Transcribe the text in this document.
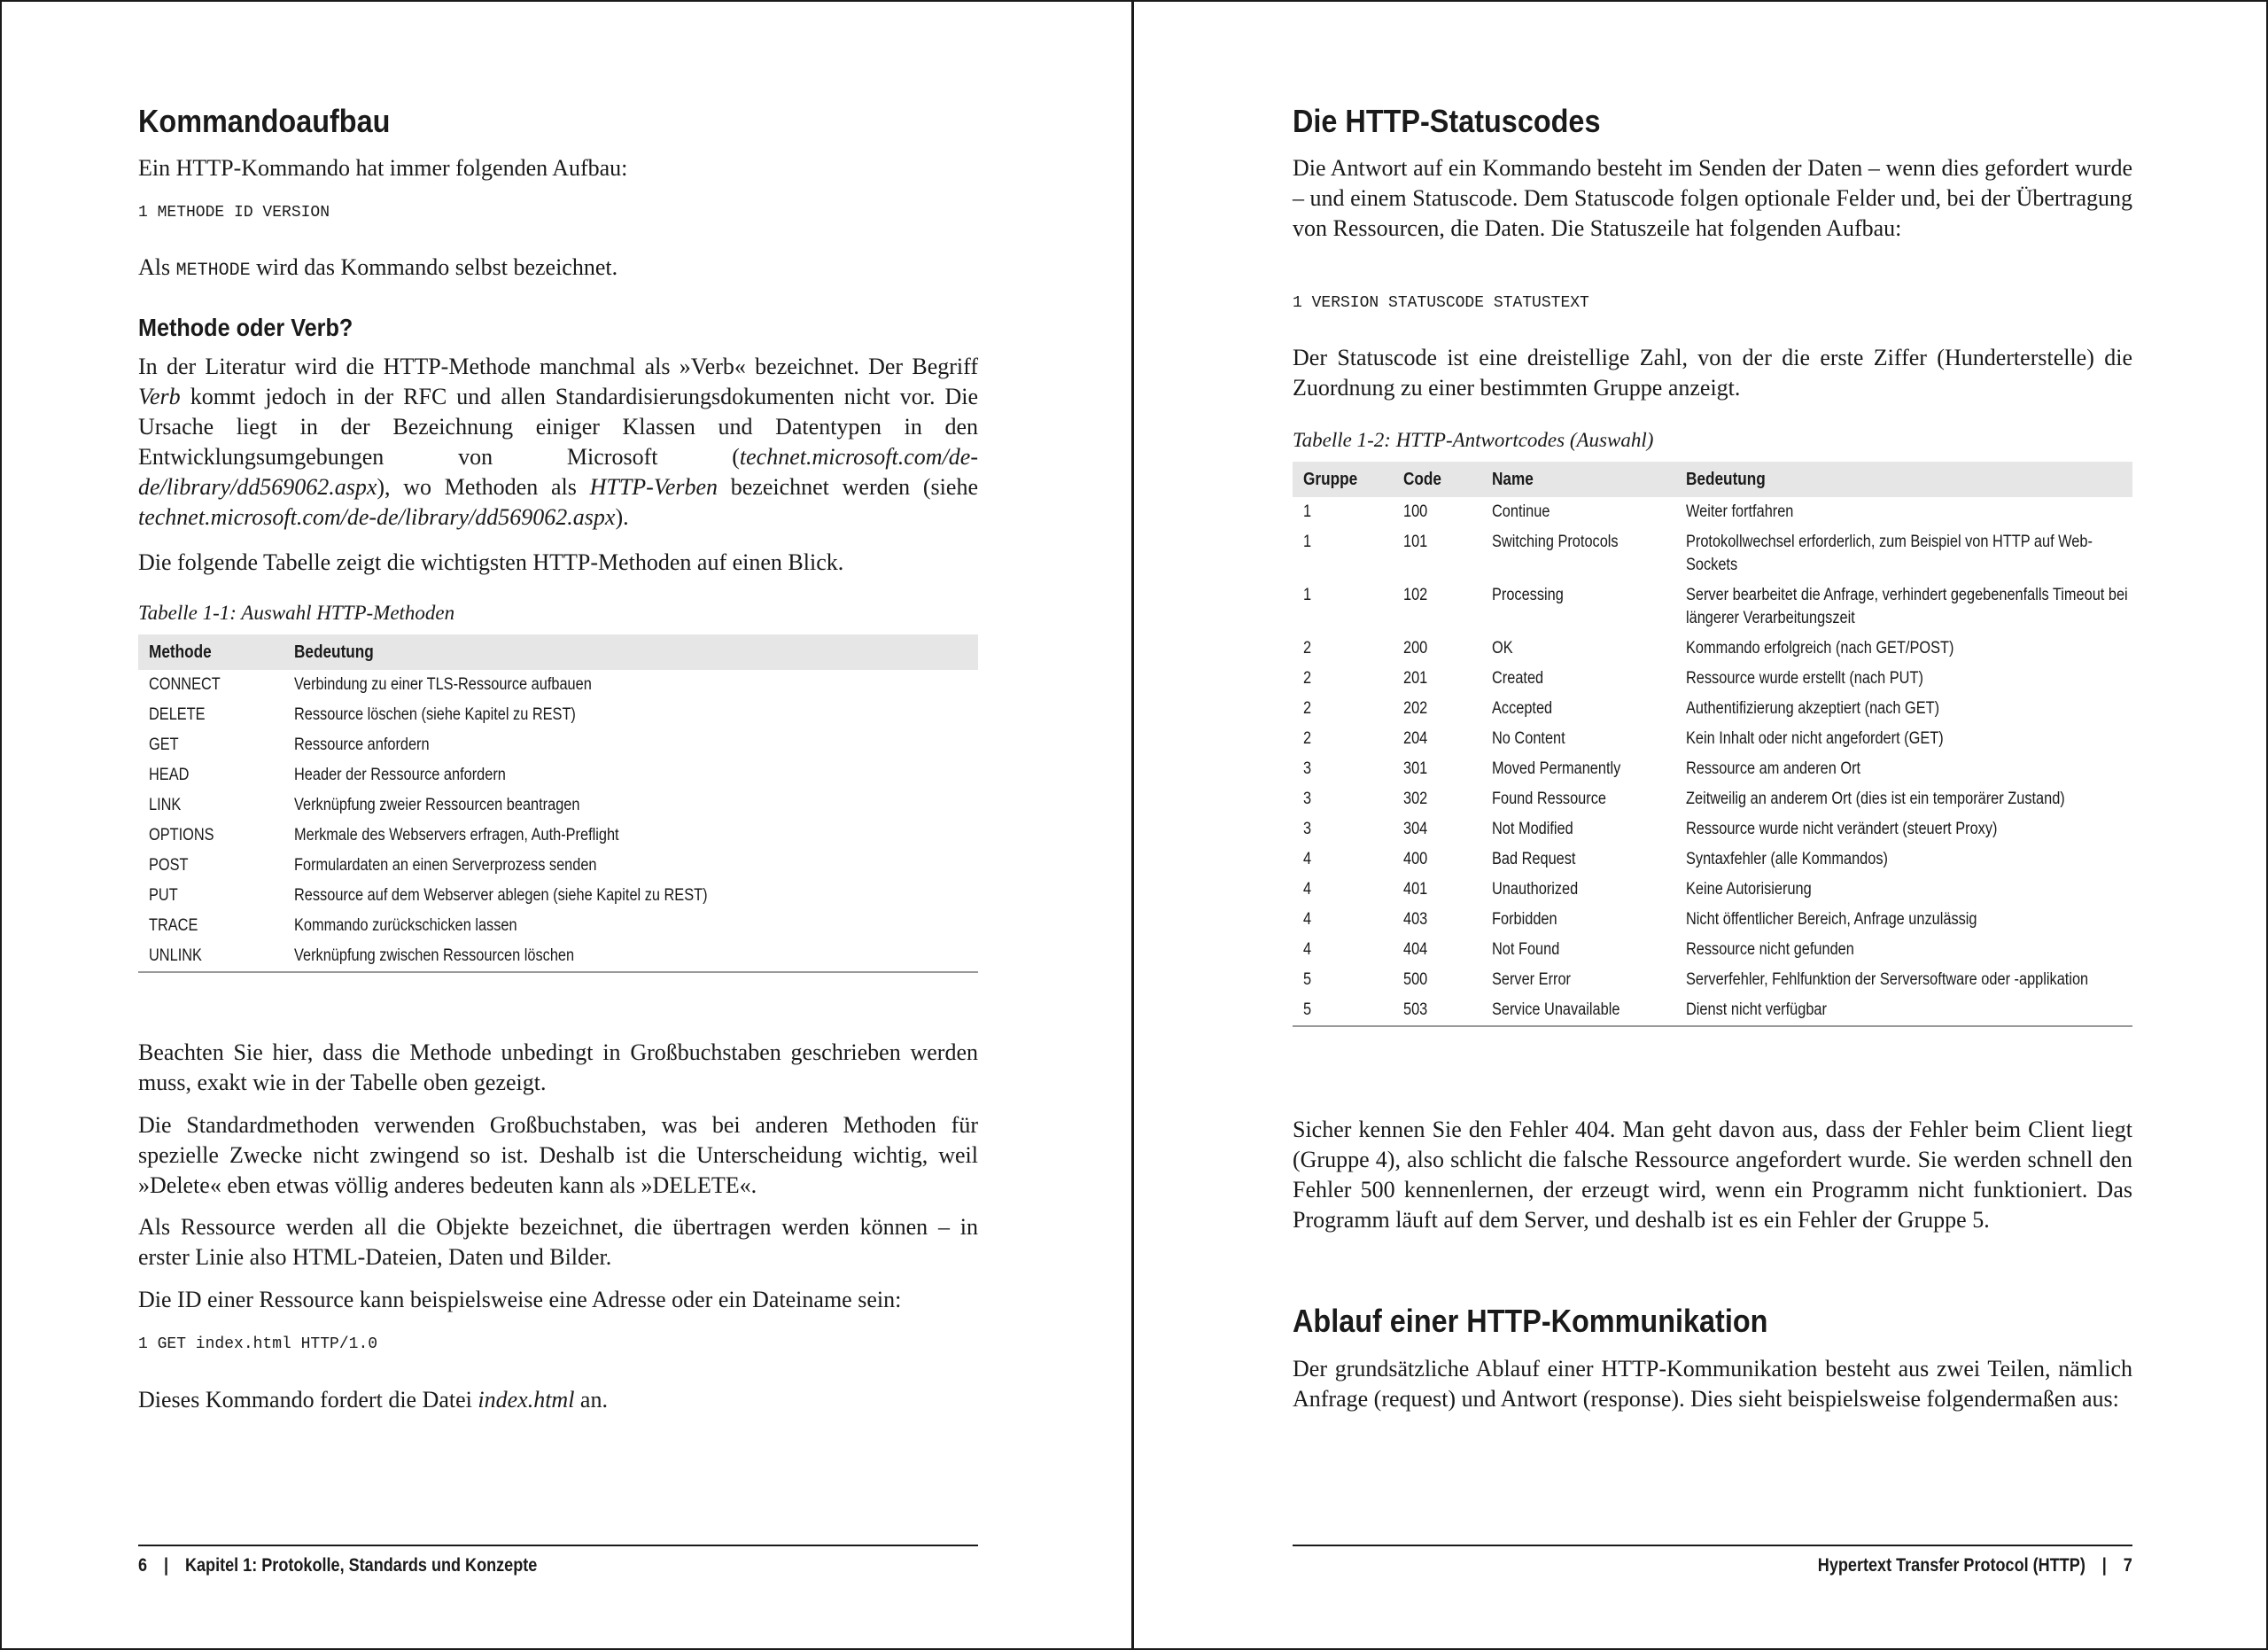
Kommandoaufbau

Ein HTTP-Kommando hat immer folgenden Aufbau:

1 METHODE ID VERSION

Als METHODE wird das Kommando selbst bezeichnet.

Methode oder Verb?

In der Literatur wird die HTTP-Methode manchmal als »Verb« bezeichnet. Der Begriff Verb kommt jedoch in der RFC und allen Standardisierungsdokumenten nicht vor. Die Ursache liegt in der Bezeichnung einiger Klassen und Datentypen in den Entwicklungsumgebungen von Microsoft (technet.microsoft.com/de-de/library/dd569062.aspx), wo Methoden als HTTP-Verben bezeichnet werden (siehe technet.microsoft.com/de-de/library/dd569062.aspx).

Die folgende Tabelle zeigt die wichtigsten HTTP-Methoden auf einen Blick.

Tabelle 1-1: Auswahl HTTP-Methoden

Methode	Bedeutung
CONNECT	Verbindung zu einer TLS-Ressource aufbauen

DELETE	Ressource löschen (siehe Kapitel zu REST)

GET	Ressource anfordern

HEAD	Header der Ressource anfordern

LINK	Verknüpfung zweier Ressourcen beantragen

OPTIONS	Merkmale des Webservers erfragen, Auth-Preflight

POST	Formulardaten an einen Serverprozess senden

PUT	Ressource auf dem Webserver ablegen (siehe Kapitel zu REST)

TRACE	Kommando zurückschicken lassen

UNLINK	Verknüpfung zwischen Ressourcen löschen

Beachten Sie hier, dass die Methode unbedingt in Großbuchstaben geschrieben werden muss, exakt wie in der Tabelle oben gezeigt.

Die Standardmethoden verwenden Großbuchstaben, was bei anderen Methoden für spezielle Zwecke nicht zwingend so ist. Deshalb ist die Unterscheidung wichtig, weil »Delete« eben etwas völlig anderes bedeuten kann als »DELETE«.

Als Ressource werden all die Objekte bezeichnet, die übertragen werden können – in erster Linie also HTML-Dateien, Daten und Bilder.

Die ID einer Ressource kann beispielsweise eine Adresse oder ein Dateiname sein:

1 GET index.html HTTP/1.0

Dieses Kommando fordert die Datei index.html an.

6 | Kapitel 1: Protokolle, Standards und Konzepte
Die HTTP-Statuscodes

Die Antwort auf ein Kommando besteht im Senden der Daten – wenn dies gefordert wurde – und einem Statuscode. Dem Statuscode folgen optionale Felder und, bei der Übertragung von Ressourcen, die Daten. Die Statuszeile hat folgenden Aufbau:

1 VERSION STATUSCODE STATUSTEXT

Der Statuscode ist eine dreistellige Zahl, von der die erste Ziffer (Hunderterstelle) die Zuordnung zu einer bestimmten Gruppe anzeigt.

Tabelle 1-2: HTTP-Antwortcodes (Auswahl)

Gruppe	Code	Name	Bedeutung
1	100	Continue	Weiter fortfahren

1	101	Switching Protocols	Protokollwechsel erforderlich, zum Beispiel von HTTP auf Web-Sockets

1	102	Processing	Server bearbeitet die Anfrage, verhindert gegebenenfalls Timeout bei längerer Verarbeitungszeit

2	200	OK	Kommando erfolgreich (nach GET/POST)

2	201	Created	Ressource wurde erstellt (nach PUT)

2	202	Accepted	Authentifizierung akzeptiert (nach GET)

2	204	No Content	Kein Inhalt oder nicht angefordert (GET)

3	301	Moved Permanently	Ressource am anderen Ort

3	302	Found Ressource	Zeitweilig an anderem Ort (dies ist ein temporärer Zustand)

3	304	Not Modified	Ressource wurde nicht verändert (steuert Proxy)

4	400	Bad Request	Syntaxfehler (alle Kommandos)

4	401	Unauthorized	Keine Autorisierung

4	403	Forbidden	Nicht öffentlicher Bereich, Anfrage unzulässig

4	404	Not Found	Ressource nicht gefunden

5	500	Server Error	Serverfehler, Fehlfunktion der Serversoftware oder -applikation

5	503	Service Unavailable	Dienst nicht verfügbar

Sicher kennen Sie den Fehler 404. Man geht davon aus, dass der Fehler beim Client liegt (Gruppe 4), also schlicht die falsche Ressource angefordert wurde. Sie werden schnell den Fehler 500 kennenlernen, der erzeugt wird, wenn ein Programm nicht funktioniert. Das Programm läuft auf dem Server, und deshalb ist es ein Fehler der Gruppe 5.

Ablauf einer HTTP-Kommunikation

Der grundsätzliche Ablauf einer HTTP-Kommunikation besteht aus zwei Teilen, nämlich Anfrage (request) und Antwort (response). Dies sieht beispielsweise folgendermaßen aus:

Hypertext Transfer Protocol (HTTP) | 7
